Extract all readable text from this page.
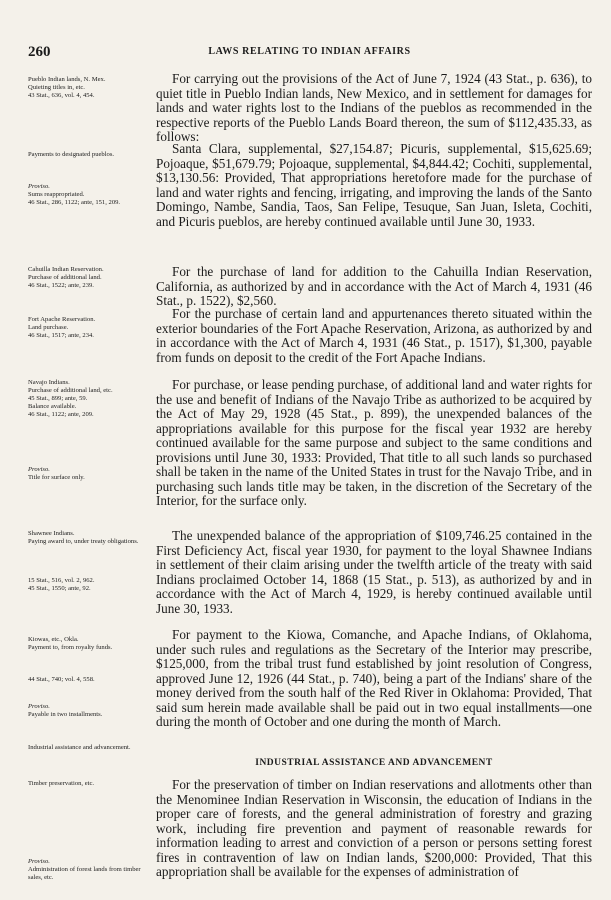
260	LAWS RELATING TO INDIAN AFFAIRS
Pueblo Indian lands, N. Mex.
Quieting titles in, etc.
43 Stat., 636, vol. 4, 454.
Payments to designated pueblos.
Proviso.
Sums reappropriated.
46 Stat., 286, 1122; ante, 151, 209.
Cahuilla Indian Reservation.
Purchase of additional land.
46 Stat., 1522; ante, 239.
Fort Apache Reservation.
Land purchase.
46 Stat., 1517; ante, 234.
Navajo Indians.
Purchase of additional land, etc.
45 Stat., 899; ante, 59.
Balance available.
46 Stat., 1122; ante, 209.
Proviso.
Title for surface only.
Shawnee Indians.
Paying award to, under treaty obligations.
15 Stat., 516, vol. 2, 962.
45 Stat., 1550; ante, 92.
Kiowas, etc., Okla.
Payment to, from royalty funds.
44 Stat., 740; vol. 4, 558.
Proviso.
Payable in two installments.
Industrial assistance and advancement.
Timber preservation, etc.
Proviso.
Administration of forest lands from timber sales, etc.

For carrying out the provisions of the Act of June 7, 1924 (43 Stat., p. 636), to quiet title in Pueblo Indian lands, New Mexico, and in settlement for damages for lands and water rights lost to the Indians of the pueblos as recommended in the respective reports of the Pueblo Lands Board thereon, the sum of $112,435.33, as follows:

Santa Clara, supplemental, $27,154.87; Picuris, supplemental, $15,625.69; Pojoaque, $51,679.79; Pojoaque, supplemental, $4,844.42; Cochiti, supplemental, $13,130.56: Provided, That appropriations heretofore made for the purchase of land and water rights and fencing, irrigating, and improving the lands of the Santo Domingo, Nambe, Sandia, Taos, San Felipe, Tesuque, San Juan, Isleta, Cochiti, and Picuris pueblos, are hereby continued available until June 30, 1933.

For the purchase of land for addition to the Cahuilla Indian Reservation, California, as authorized by and in accordance with the Act of March 4, 1931 (46 Stat., p. 1522), $2,560.

For the purchase of certain land and appurtenances thereto situated within the exterior boundaries of the Fort Apache Reservation, Arizona, as authorized by and in accordance with the Act of March 4, 1931 (46 Stat., p. 1517), $1,300, payable from funds on deposit to the credit of the Fort Apache Indians.

For purchase, or lease pending purchase, of additional land and water rights for the use and benefit of Indians of the Navajo Tribe as authorized to be acquired by the Act of May 29, 1928 (45 Stat., p. 899), the unexpended balances of the appropriations available for this purpose for the fiscal year 1932 are hereby continued available for the same purpose and subject to the same conditions and provisions until June 30, 1933: Provided, That title to all such lands so purchased shall be taken in the name of the United States in trust for the Navajo Tribe, and in purchasing such lands title may be taken, in the discretion of the Secretary of the Interior, for the surface only.

The unexpended balance of the appropriation of $109,746.25 contained in the First Deficiency Act, fiscal year 1930, for payment to the loyal Shawnee Indians in settlement of their claim arising under the twelfth article of the treaty with said Indians proclaimed October 14, 1868 (15 Stat., p. 513), as authorized by and in accordance with the Act of March 4, 1929, is hereby continued available until June 30, 1933.

For payment to the Kiowa, Comanche, and Apache Indians, of Oklahoma, under such rules and regulations as the Secretary of the Interior may prescribe, $125,000, from the tribal trust fund established by joint resolution of Congress, approved June 12, 1926 (44 Stat., p. 740), being a part of the Indians' share of the money derived from the south half of the Red River in Oklahoma: Provided, That said sum herein made available shall be paid out in two equal installments—one during the month of October and one during the month of March.

INDUSTRIAL ASSISTANCE AND ADVANCEMENT

For the preservation of timber on Indian reservations and allotments other than the Menominee Indian Reservation in Wisconsin, the education of Indians in the proper care of forests, and the general administration of forestry and grazing work, including fire prevention and payment of reasonable rewards for information leading to arrest and conviction of a person or persons setting forest fires in contravention of law on Indian lands, $200,000: Provided, That this appropriation shall be available for the expenses of administration of
